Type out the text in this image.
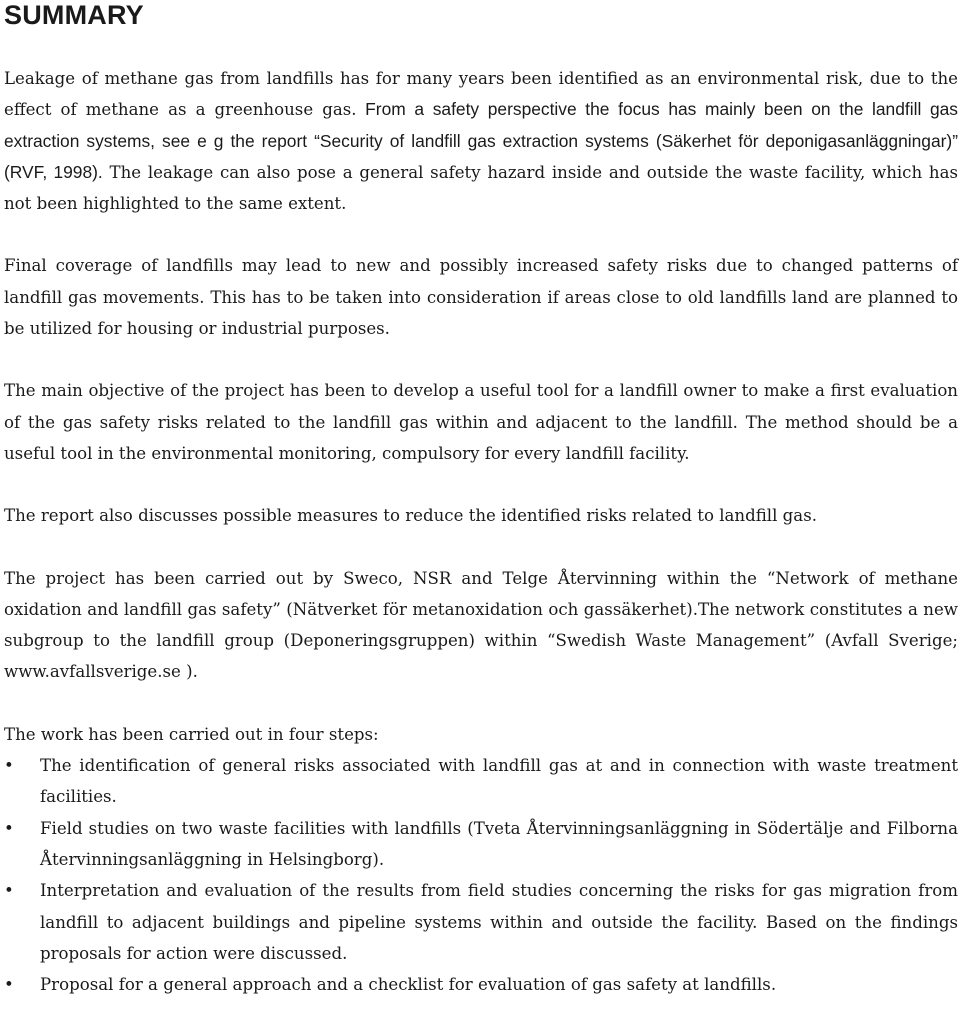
SUMMARY

Leakage of methane gas from landfills has for many years been identified as an environmental risk, due to the effect of methane as a greenhouse gas. From a safety perspective the focus has mainly been on the landfill gas extraction systems, see e g the report “Security of landfill gas extraction systems (Säkerhet för deponigasanläggningar)” (RVF, 1998). The leakage can also pose a general safety hazard inside and outside the waste facility, which has not been highlighted to the same extent.

Final coverage of landfills may lead to new and possibly increased safety risks due to changed patterns of landfill gas movements. This has to be taken into consideration if areas close to old landfills land are planned to be utilized for housing or industrial purposes.

The main objective of the project has been to develop a useful tool for a landfill owner to make a first evaluation of the gas safety risks related to the landfill gas within and adjacent to the landfill. The method should be a useful tool in the environmental monitoring, compulsory for every landfill facility.

The report also discusses possible measures to reduce the identified risks related to landfill gas.

The project has been carried out by Sweco, NSR and Telge Återvinning within the “Network of methane oxidation and landfill gas safety” (Nätverket för metanoxidation och gassäkerhet).The network constitutes a new subgroup to the landfill group (Deponeringsgruppen) within “Swedish Waste Management” (Avfall Sverige; www.avfallsverige.se ).

The work has been carried out in four steps:

• The identification of general risks associated with landfill gas at and in connection with waste treatment facilities.
• Field studies on two waste facilities with landfills (Tveta Återvinningsanläggning in Södertälje and Filborna Återvinningsanläggning in Helsingborg).
• Interpretation and evaluation of the results from field studies concerning the risks for gas migration from landfill to adjacent buildings and pipeline systems within and outside the facility. Based on the findings proposals for action were discussed.
• Proposal for a general approach and a checklist for evaluation of gas safety at landfills.
